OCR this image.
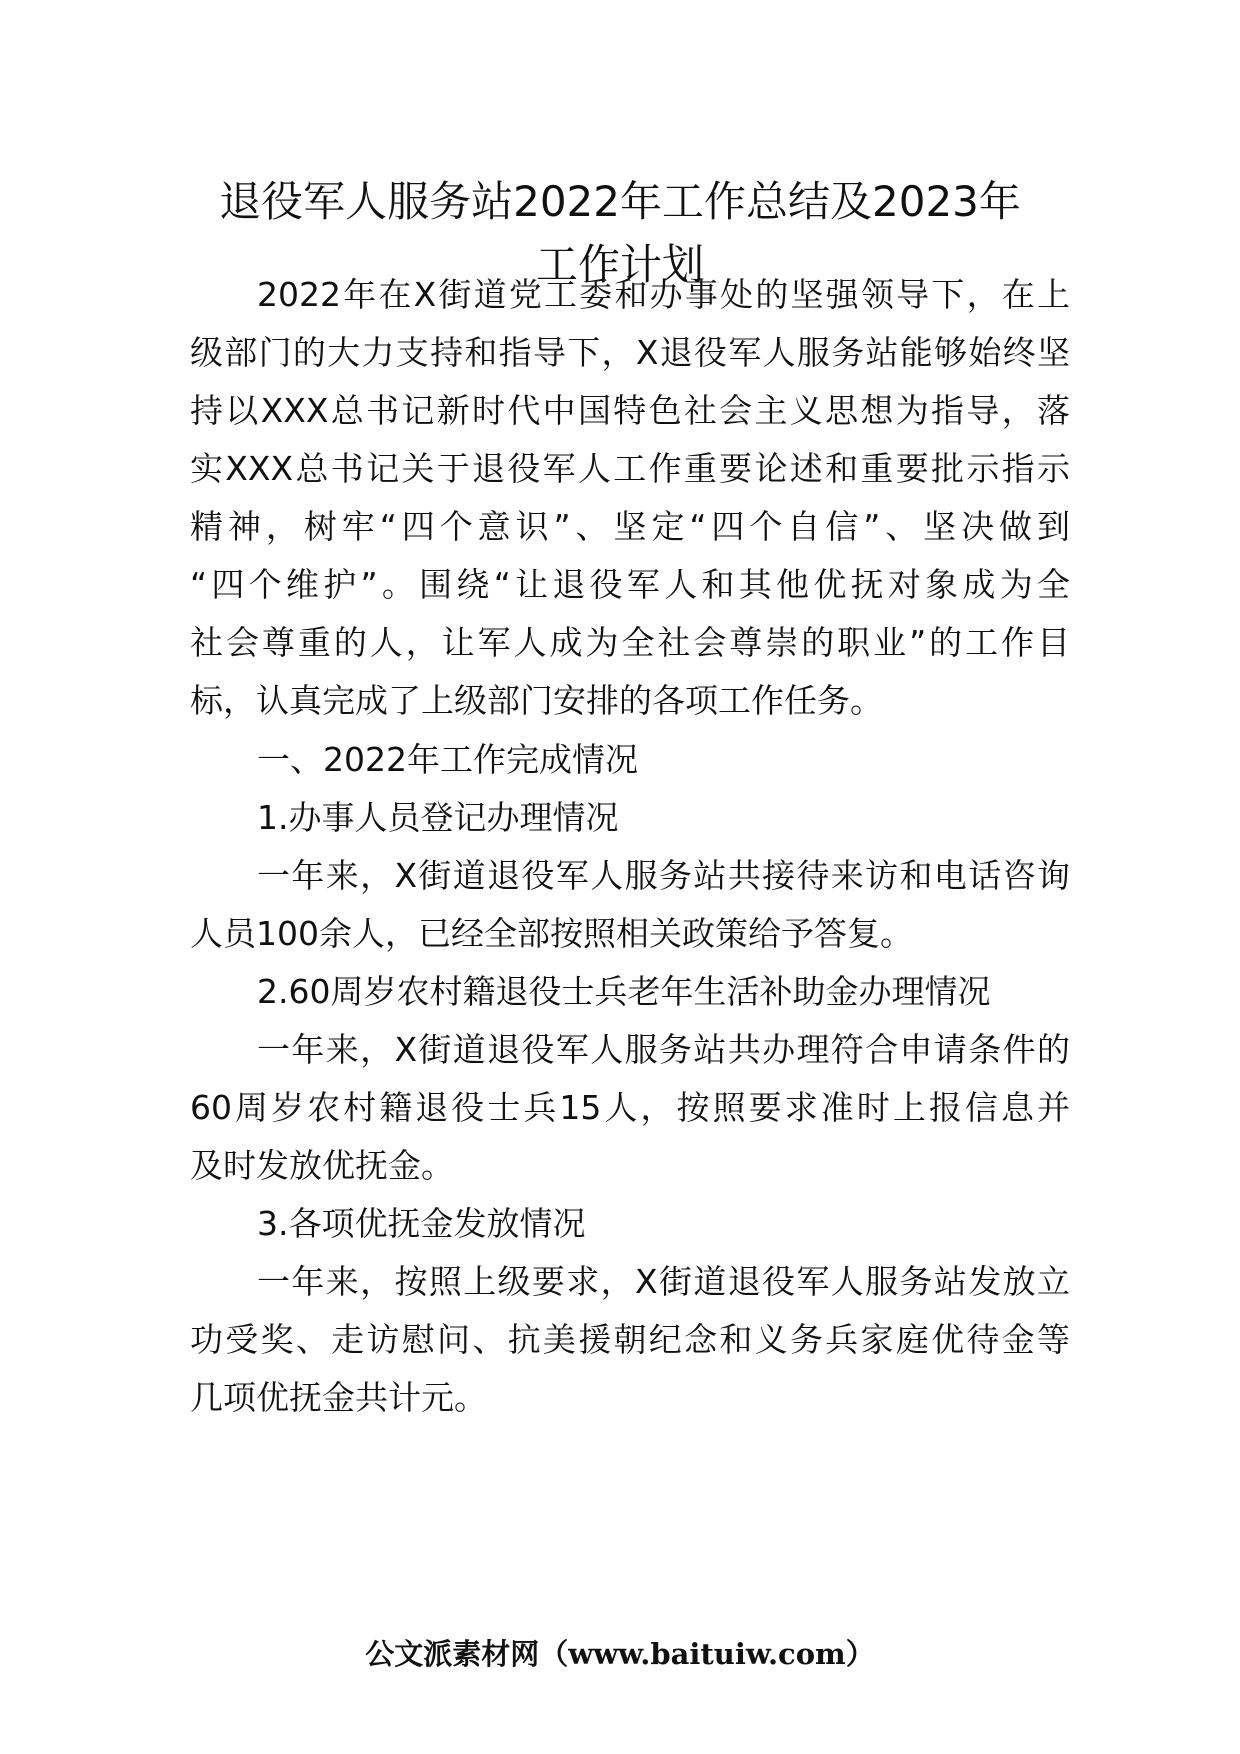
退役军人服务站2022年工作总结及2023年
工作计划

2022年在X街道党工委和办事处的坚强领导下，在上

级部门的大力支持和指导下，X退役军人服务站能够始终坚

持以XXX总书记新时代中国特色社会主义思想为指导，落

实XXX总书记关于退役军人工作重要论述和重要批示指示

精神，树牢“四个意识”、坚定“四个自信”、坚决做到

“四个维护”。围绕“让退役军人和其他优抚对象成为全

社会尊重的人，让军人成为全社会尊崇的职业”的工作目

标，认真完成了上级部门安排的各项工作任务。

一、2022年工作完成情况

1.办事人员登记办理情况

一年来，X街道退役军人服务站共接待来访和电话咨询

人员100余人，已经全部按照相关政策给予答复。

2.60周岁农村籍退役士兵老年生活补助金办理情况

一年来，X街道退役军人服务站共办理符合申请条件的

60周岁农村籍退役士兵15人，按照要求准时上报信息并

及时发放优抚金。

3.各项优抚金发放情况

一年来，按照上级要求，X街道退役军人服务站发放立

功受奖、走访慰问、抗美援朝纪念和义务兵家庭优待金等

几项优抚金共计元。

公文派素材网（www.baituiw.com）
